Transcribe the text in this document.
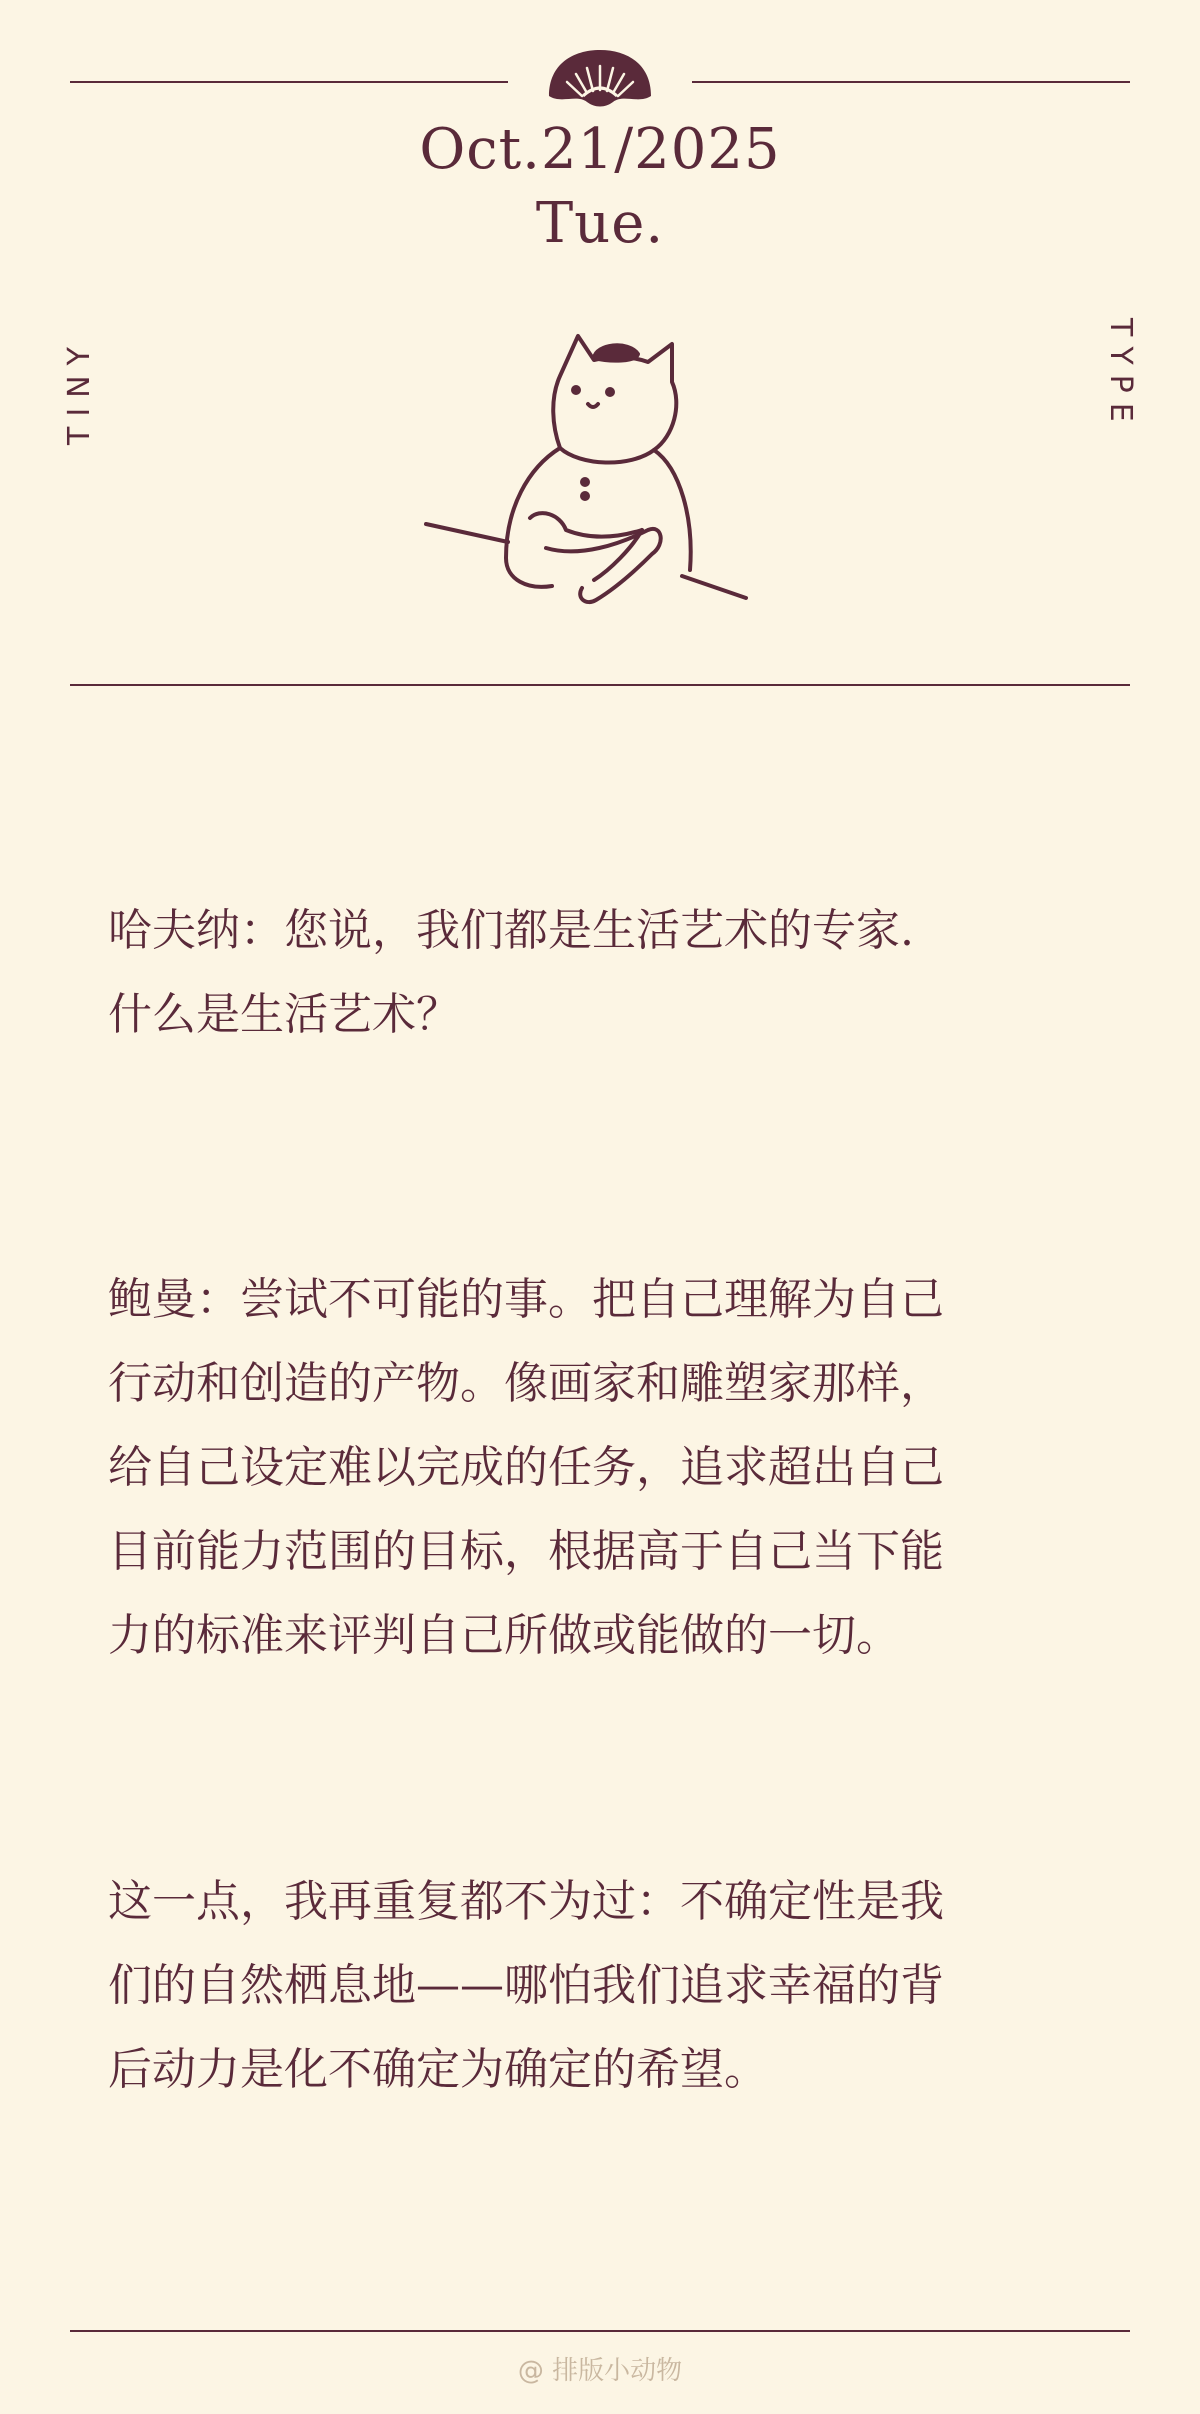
Oct.21/2025
Tue.
TINY	TYPE

哈夫纳：您说，我们都是生活艺术的专家.
什么是生活艺术？

鲍曼：尝试不可能的事。把自己理解为自己
行动和创造的产物。像画家和雕塑家那样，
给自己设定难以完成的任务，追求超出自己
目前能力范围的目标，根据高于自己当下能
力的标准来评判自己所做或能做的一切。

这一点，我再重复都不为过：不确定性是我
们的自然栖息地——哪怕我们追求幸福的背
后动力是化不确定为确定的希望。

@ 排版小动物
